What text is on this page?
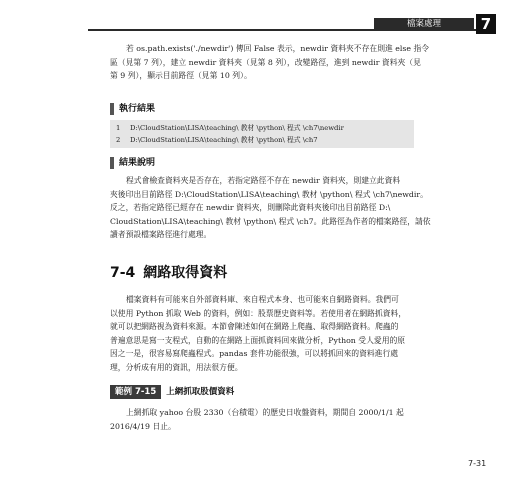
檔案處理	7

若 os.path.exists('./newdir') 傳回 False 表示，newdir 資料夾不存在則進 else 指令

區（見第 7 列），建立 newdir 資料夾（見第 8 列），改變路徑，進到 newdir 資料夾（見

第 9 列），顯示目前路徑（見第 10 列）。

執行結果
1 D:\CloudStation\LISA\teaching\ 教材 \python\ 程式 \ch7\newdir
2 D:\CloudStation\LISA\teaching\ 教材 \python\ 程式 \ch7
結果說明

程式會檢查資料夾是否存在，若指定路徑不存在 newdir 資料夾，則建立此資料

夾後印出目前路徑 D:\CloudStation\LISA\teaching\ 教材 \python\ 程式 \ch7\newdir。

反之，若指定路徑已經存在 newdir 資料夾，則刪除此資料夾後印出目前路徑 D:\

CloudStation\LISA\teaching\ 教材 \python\ 程式 \ch7。此路徑為作者的檔案路徑，請依

讀者預設檔案路徑進行處理。

7-4 網路取得資料

檔案資料有可能來自外部資料庫、來自程式本身、也可能來自網路資料。我們可

以使用 Python 抓取 Web 的資料，例如：股票歷史資料等。若使用者在網路抓資料，

就可以把網路視為資料來源。本節會陳述如何在網路上爬蟲、取得網路資料。爬蟲的

普遍意思是寫一支程式，自動的在網路上面抓資料回來做分析，Python 受人愛用的原

因之一是，很容易寫爬蟲程式。pandas 套件功能很強，可以將抓回來的資料進行處

理，分析成有用的資訊，用法很方便。

範例 7-15 上網抓取股價資料

上網抓取 yahoo 台股 2330（台積電）的歷史日收盤資料，期間自 2000/1/1 起

2016/4/19 日止。

7-31
